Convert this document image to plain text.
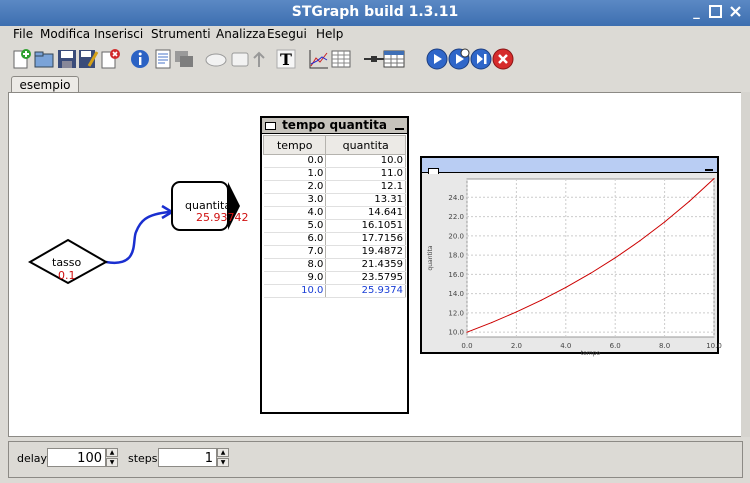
STGraph build 1.3.11	_
File Modifica Inserisci Strumenti Analizza Esegui Help
T
esempio
tasso
0.1
quantita
25.93742
tempo quantita
tempo	quantita
0.0	10.0
1.0	11.0
2.0	12.1
3.0	13.31
4.0	14.641
5.0	16.1051
6.0	17.7156
7.0	19.4872
8.0	21.4359
9.0	23.5795
10.0	25.9374
0.0	2.0	4.0	6.0	8.0	10.0
10.0
12.0
14.0
16.0
18.0
20.0
22.0
24.0
tempo
quantita
delay	100	▲
▼	steps	1	▲
▼
